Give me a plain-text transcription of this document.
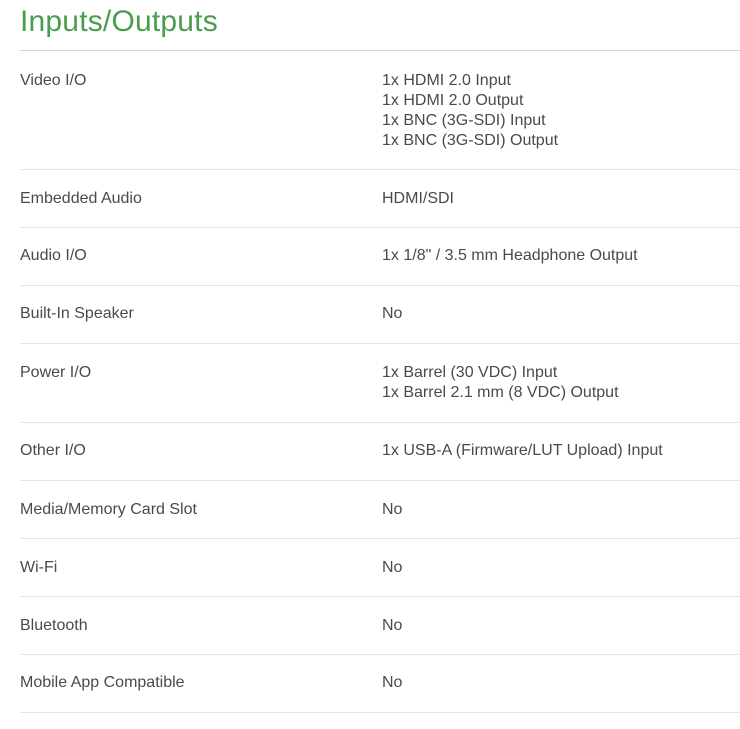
Inputs/Outputs
Video I/O	1x HDMI 2.0 Input
1x HDMI 2.0 Output
1x BNC (3G-SDI) Input
1x BNC (3G-SDI) Output
Embedded Audio	HDMI/SDI
Audio I/O	1x 1/8" / 3.5 mm Headphone Output
Built-In Speaker	No
Power I/O	1x Barrel (30 VDC) Input
1x Barrel 2.1 mm (8 VDC) Output
Other I/O	1x USB-A (Firmware/LUT Upload) Input
Media/Memory Card Slot	No
Wi-Fi	No
Bluetooth	No
Mobile App Compatible	No
